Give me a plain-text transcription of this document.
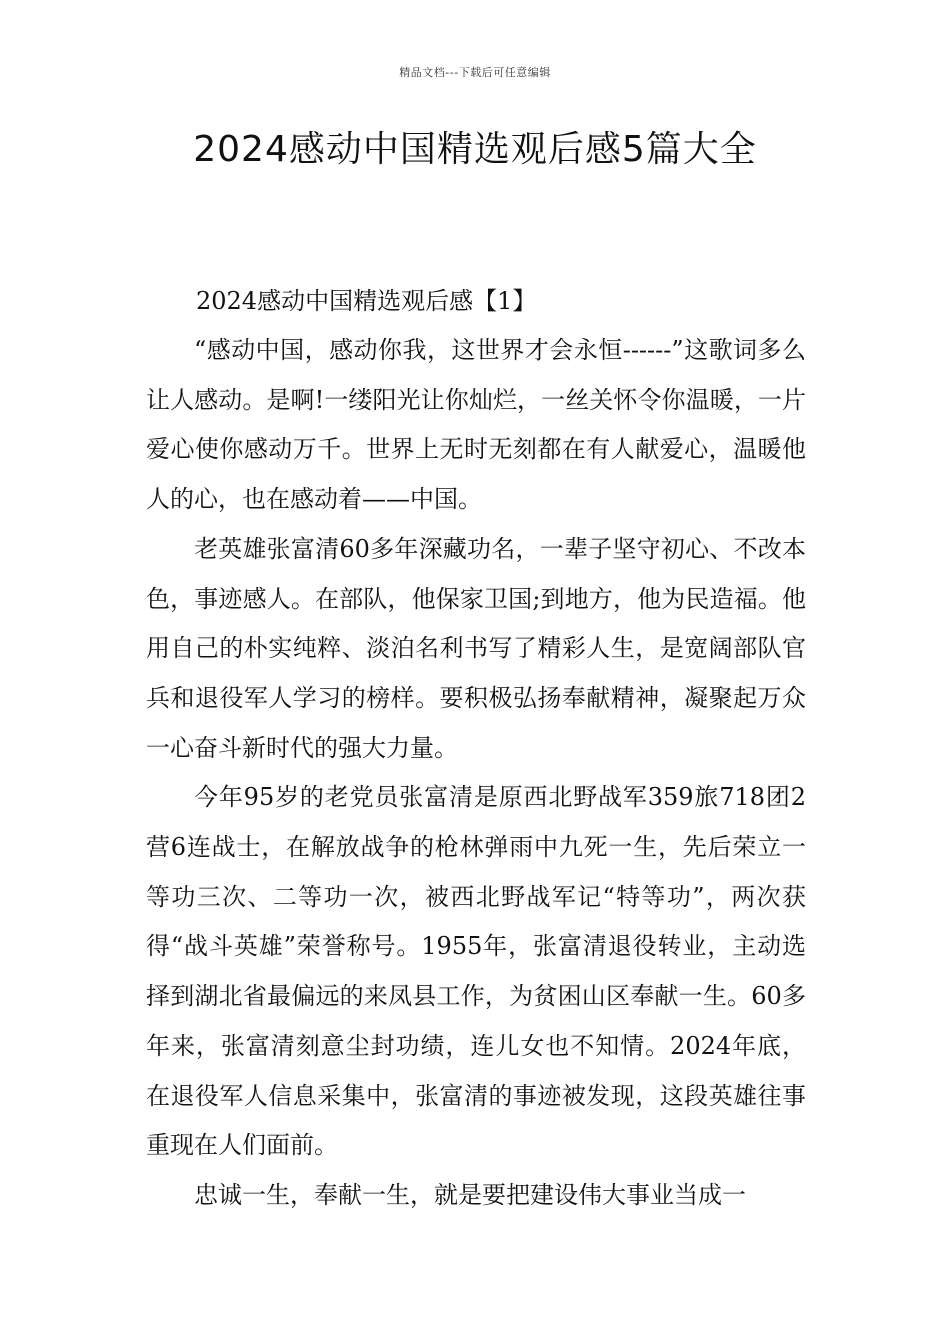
精品文档---下载后可任意编辑
2024感动中国精选观后感5篇大全

2024感动中国精选观后感【1】

“感动中国，感动你我，这世界才会永恒------”这歌词多么让人感动。是啊!一缕阳光让你灿烂，一丝关怀令你温暖，一片爱心使你感动万千。世界上无时无刻都在有人献爱心，温暖他人的心，也在感动着——中国。

老英雄张富清60多年深藏功名，一辈子坚守初心、不改本色，事迹感人。在部队，他保家卫国;到地方，他为民造福。他用自己的朴实纯粹、淡泊名利书写了精彩人生，是宽阔部队官兵和退役军人学习的榜样。要积极弘扬奉献精神，凝聚起万众一心奋斗新时代的强大力量。

今年95岁的老党员张富清是原西北野战军359旅718团2营6连战士，在解放战争的枪林弹雨中九死一生，先后荣立一等功三次、二等功一次，被西北野战军记“特等功”，两次获得“战斗英雄”荣誉称号。1955年，张富清退役转业，主动选择到湖北省最偏远的来凤县工作，为贫困山区奉献一生。60多年来，张富清刻意尘封功绩，连儿女也不知情。2024年底，在退役军人信息采集中，张富清的事迹被发现，这段英雄往事重现在人们面前。

忠诚一生，奉献一生，就是要把建设伟大事业当成一
